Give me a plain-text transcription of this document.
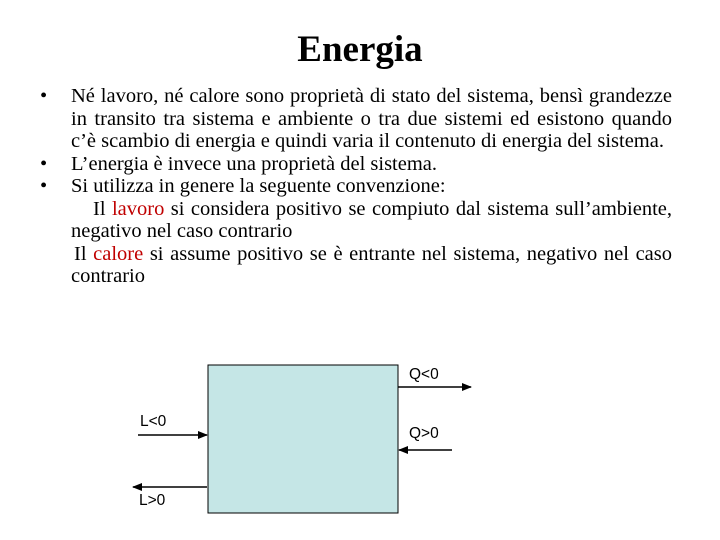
Energia
• Né lavoro, né calore sono proprietà di stato del sistema, bensì grandezze in transito tra sistema e ambiente o tra due sistemi ed esistono quando c’è scambio di energia e quindi varia il contenuto di energia del sistema.
• L’energia è invece una proprietà del sistema.
• Si utilizza in genere la seguente convenzione:
Il lavoro si considera positivo se compiuto dal sistema sull’ambiente, negativo nel caso contrario
Il calore si assume positivo se è entrante nel sistema, negativo nel caso contrario
Q<0
Q>0
L<0
L>0
